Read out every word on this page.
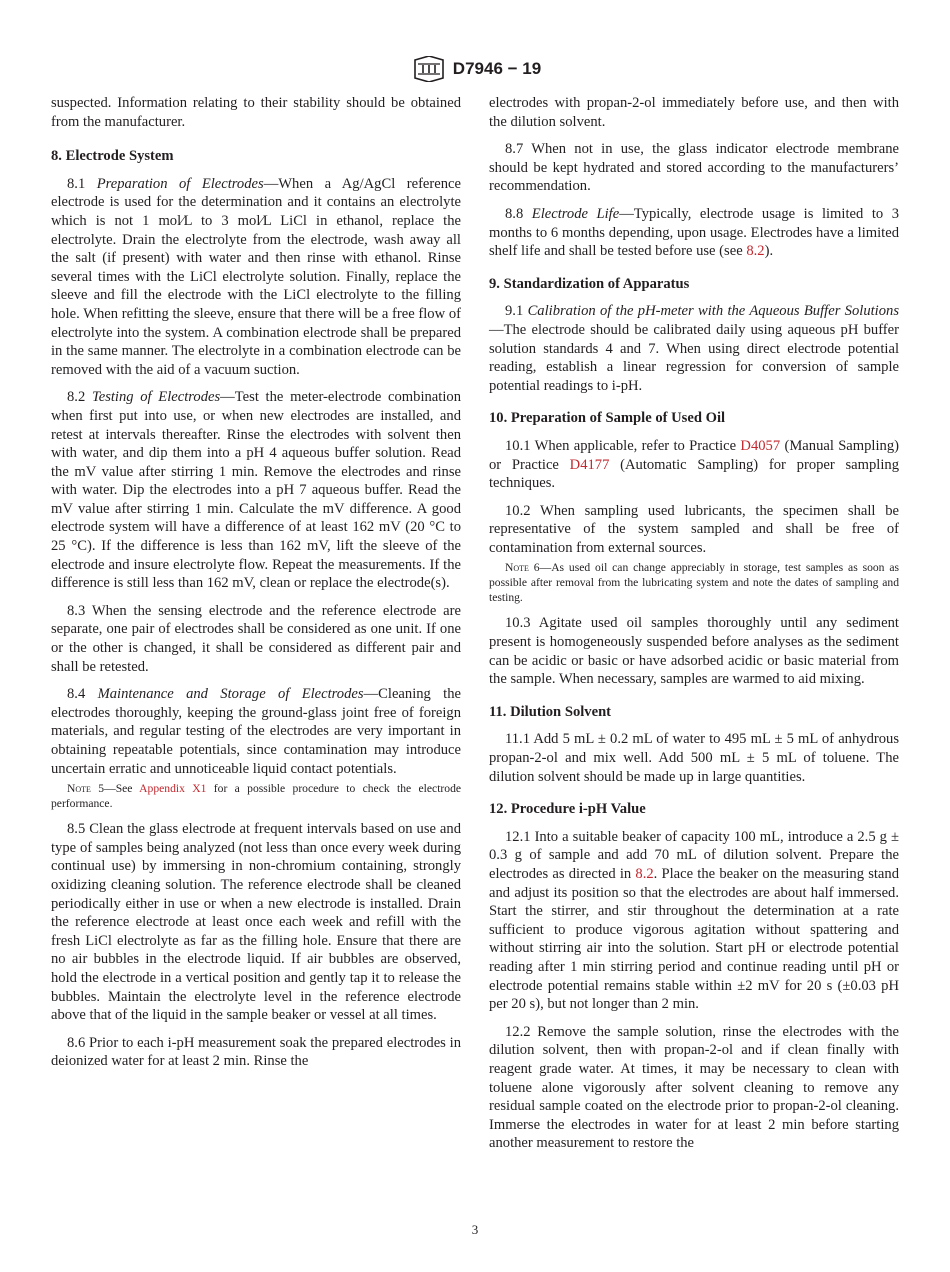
D7946 − 19

suspected. Information relating to their stability should be obtained from the manufacturer.

8. Electrode System

8.1 Preparation of Electrodes—When a Ag/AgCl reference electrode is used for the determination and it contains an electrolyte which is not 1 mol⁄L to 3 mol⁄L LiCl in ethanol, replace the electrolyte. Drain the electrolyte from the electrode, wash away all the salt (if present) with water and then rinse with ethanol. Rinse several times with the LiCl electrolyte solution. Finally, replace the sleeve and fill the electrode with the LiCl electrolyte to the filling hole. When refitting the sleeve, ensure that there will be a free flow of electrolyte into the system. A combination electrode shall be prepared in the same manner. The electrolyte in a combination electrode can be removed with the aid of a vacuum suction.

8.2 Testing of Electrodes—Test the meter-electrode combination when first put into use, or when new electrodes are installed, and retest at intervals thereafter. Rinse the electrodes with solvent then with water, and dip them into a pH 4 aqueous buffer solution. Read the mV value after stirring 1 min. Remove the electrodes and rinse with water. Dip the electrodes into a pH 7 aqueous buffer. Read the mV value after stirring 1 min. Calculate the mV difference. A good electrode system will have a difference of at least 162 mV (20 °C to 25 °C). If the difference is less than 162 mV, lift the sleeve of the electrode and insure electrolyte flow. Repeat the measurements. If the difference is still less than 162 mV, clean or replace the electrode(s).

8.3 When the sensing electrode and the reference electrode are separate, one pair of electrodes shall be considered as one unit. If one or the other is changed, it shall be considered as different pair and shall be retested.

8.4 Maintenance and Storage of Electrodes—Cleaning the electrodes thoroughly, keeping the ground-glass joint free of foreign materials, and regular testing of the electrodes are very important in obtaining repeatable potentials, since contamination may introduce uncertain erratic and unnoticeable liquid contact potentials.

Note 5—See Appendix X1 for a possible procedure to check the electrode performance.

8.5 Clean the glass electrode at frequent intervals based on use and type of samples being analyzed (not less than once every week during continual use) by immersing in non-chromium containing, strongly oxidizing cleaning solution. The reference electrode shall be cleaned periodically either in use or when a new electrode is installed. Drain the reference electrode at least once each week and refill with the fresh LiCl electrolyte as far as the filling hole. Ensure that there are no air bubbles in the electrode liquid. If air bubbles are observed, hold the electrode in a vertical position and gently tap it to release the bubbles. Maintain the electrolyte level in the reference electrode above that of the liquid in the sample beaker or vessel at all times.

8.6 Prior to each i-pH measurement soak the prepared electrodes in deionized water for at least 2 min. Rinse the

electrodes with propan-2-ol immediately before use, and then with the dilution solvent.

8.7 When not in use, the glass indicator electrode membrane should be kept hydrated and stored according to the manufacturers’ recommendation.

8.8 Electrode Life—Typically, electrode usage is limited to 3 months to 6 months depending, upon usage. Electrodes have a limited shelf life and shall be tested before use (see 8.2).

9. Standardization of Apparatus

9.1 Calibration of the pH-meter with the Aqueous Buffer Solutions—The electrode should be calibrated daily using aqueous pH buffer solution standards 4 and 7. When using direct electrode potential reading, establish a linear regression for conversion of sample potential readings to i-pH.

10. Preparation of Sample of Used Oil

10.1 When applicable, refer to Practice D4057 (Manual Sampling) or Practice D4177 (Automatic Sampling) for proper sampling techniques.

10.2 When sampling used lubricants, the specimen shall be representative of the system sampled and shall be free of contamination from external sources.

Note 6—As used oil can change appreciably in storage, test samples as soon as possible after removal from the lubricating system and note the dates of sampling and testing.

10.3 Agitate used oil samples thoroughly until any sediment present is homogeneously suspended before analyses as the sediment can be acidic or basic or have adsorbed acidic or basic material from the sample. When necessary, samples are warmed to aid mixing.

11. Dilution Solvent

11.1 Add 5 mL ± 0.2 mL of water to 495 mL ± 5 mL of anhydrous propan-2-ol and mix well. Add 500 mL ± 5 mL of toluene. The dilution solvent should be made up in large quantities.

12. Procedure i-pH Value

12.1 Into a suitable beaker of capacity 100 mL, introduce a 2.5 g ± 0.3 g of sample and add 70 mL of dilution solvent. Prepare the electrodes as directed in 8.2. Place the beaker on the measuring stand and adjust its position so that the electrodes are about half immersed. Start the stirrer, and stir throughout the determination at a rate sufficient to produce vigorous agitation without spattering and without stirring air into the solution. Start pH or electrode potential reading after 1 min stirring period and continue reading until pH or electrode potential remains stable within ±2 mV for 20 s (±0.03 pH per 20 s), but not longer than 2 min.

12.2 Remove the sample solution, rinse the electrodes with the dilution solvent, then with propan-2-ol and if clean finally with reagent grade water. At times, it may be necessary to clean with toluene alone vigorously after solvent cleaning to remove any residual sample coated on the electrode prior to propan-2-ol cleaning. Immerse the electrodes in water for at least 2 min before starting another measurement to restore the

3
